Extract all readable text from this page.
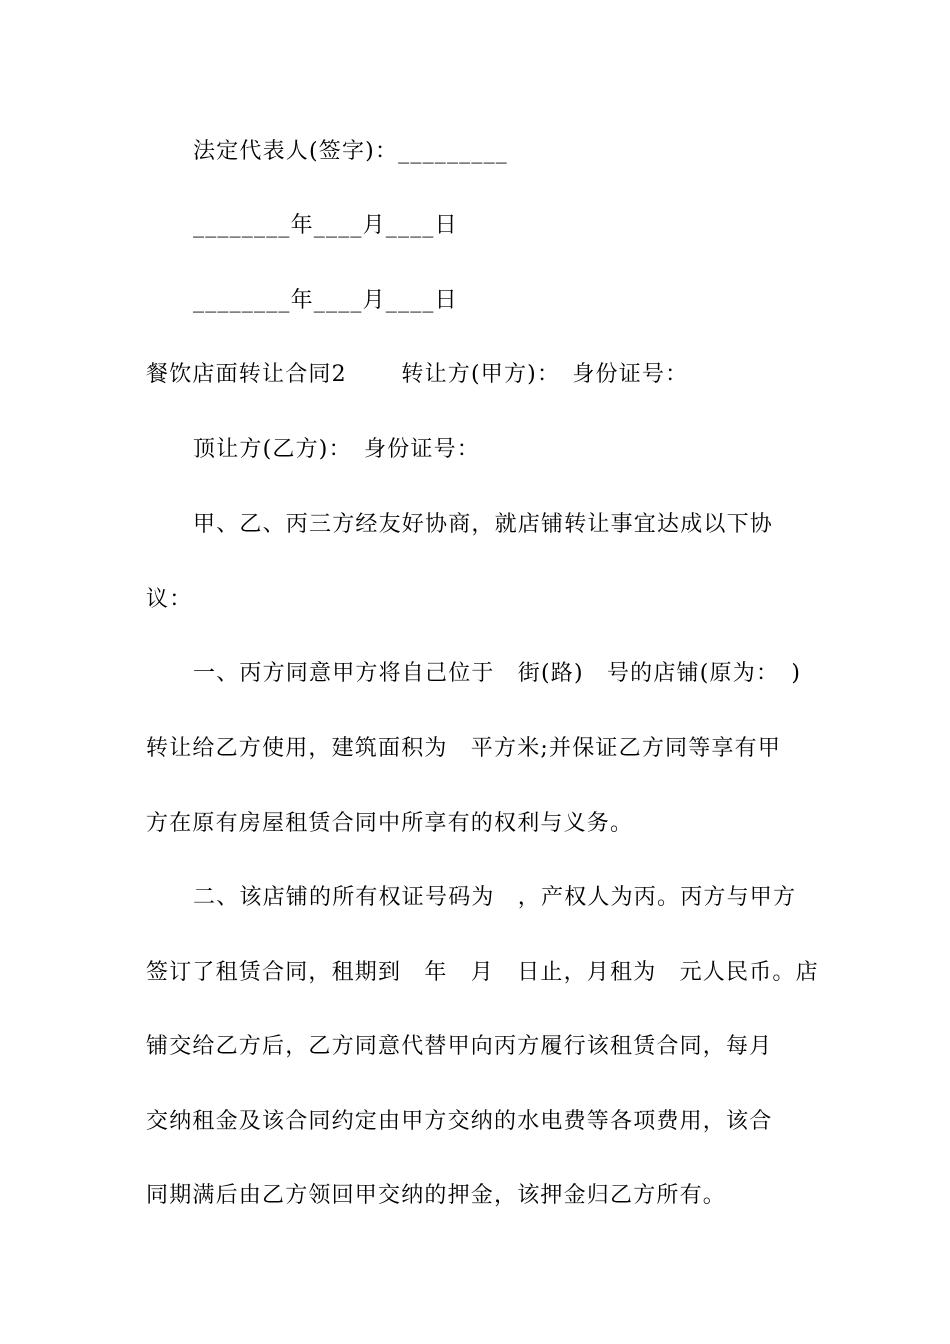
法定代表人(签字)：_________
________年____月____日
________年____月____日
餐饮店面转让合同2　　 转让方(甲方)：　身份证号：
顶让方(乙方)：　身份证号：
甲、乙、丙三方经友好协商，就店铺转让事宜达成以下协
议：
一、丙方同意甲方将自己位于　街(路)　号的店铺(原为：　)
转让给乙方使用，建筑面积为　平方米;并保证乙方同等享有甲
方在原有房屋租赁合同中所享有的权利与义务。
二、该店铺的所有权证号码为　，产权人为丙。丙方与甲方
签订了租赁合同，租期到　年　月　日止，月租为　元人民币。店
铺交给乙方后，乙方同意代替甲向丙方履行该租赁合同，每月
交纳租金及该合同约定由甲方交纳的水电费等各项费用，该合
同期满后由乙方领回甲交纳的押金，该押金归乙方所有。
